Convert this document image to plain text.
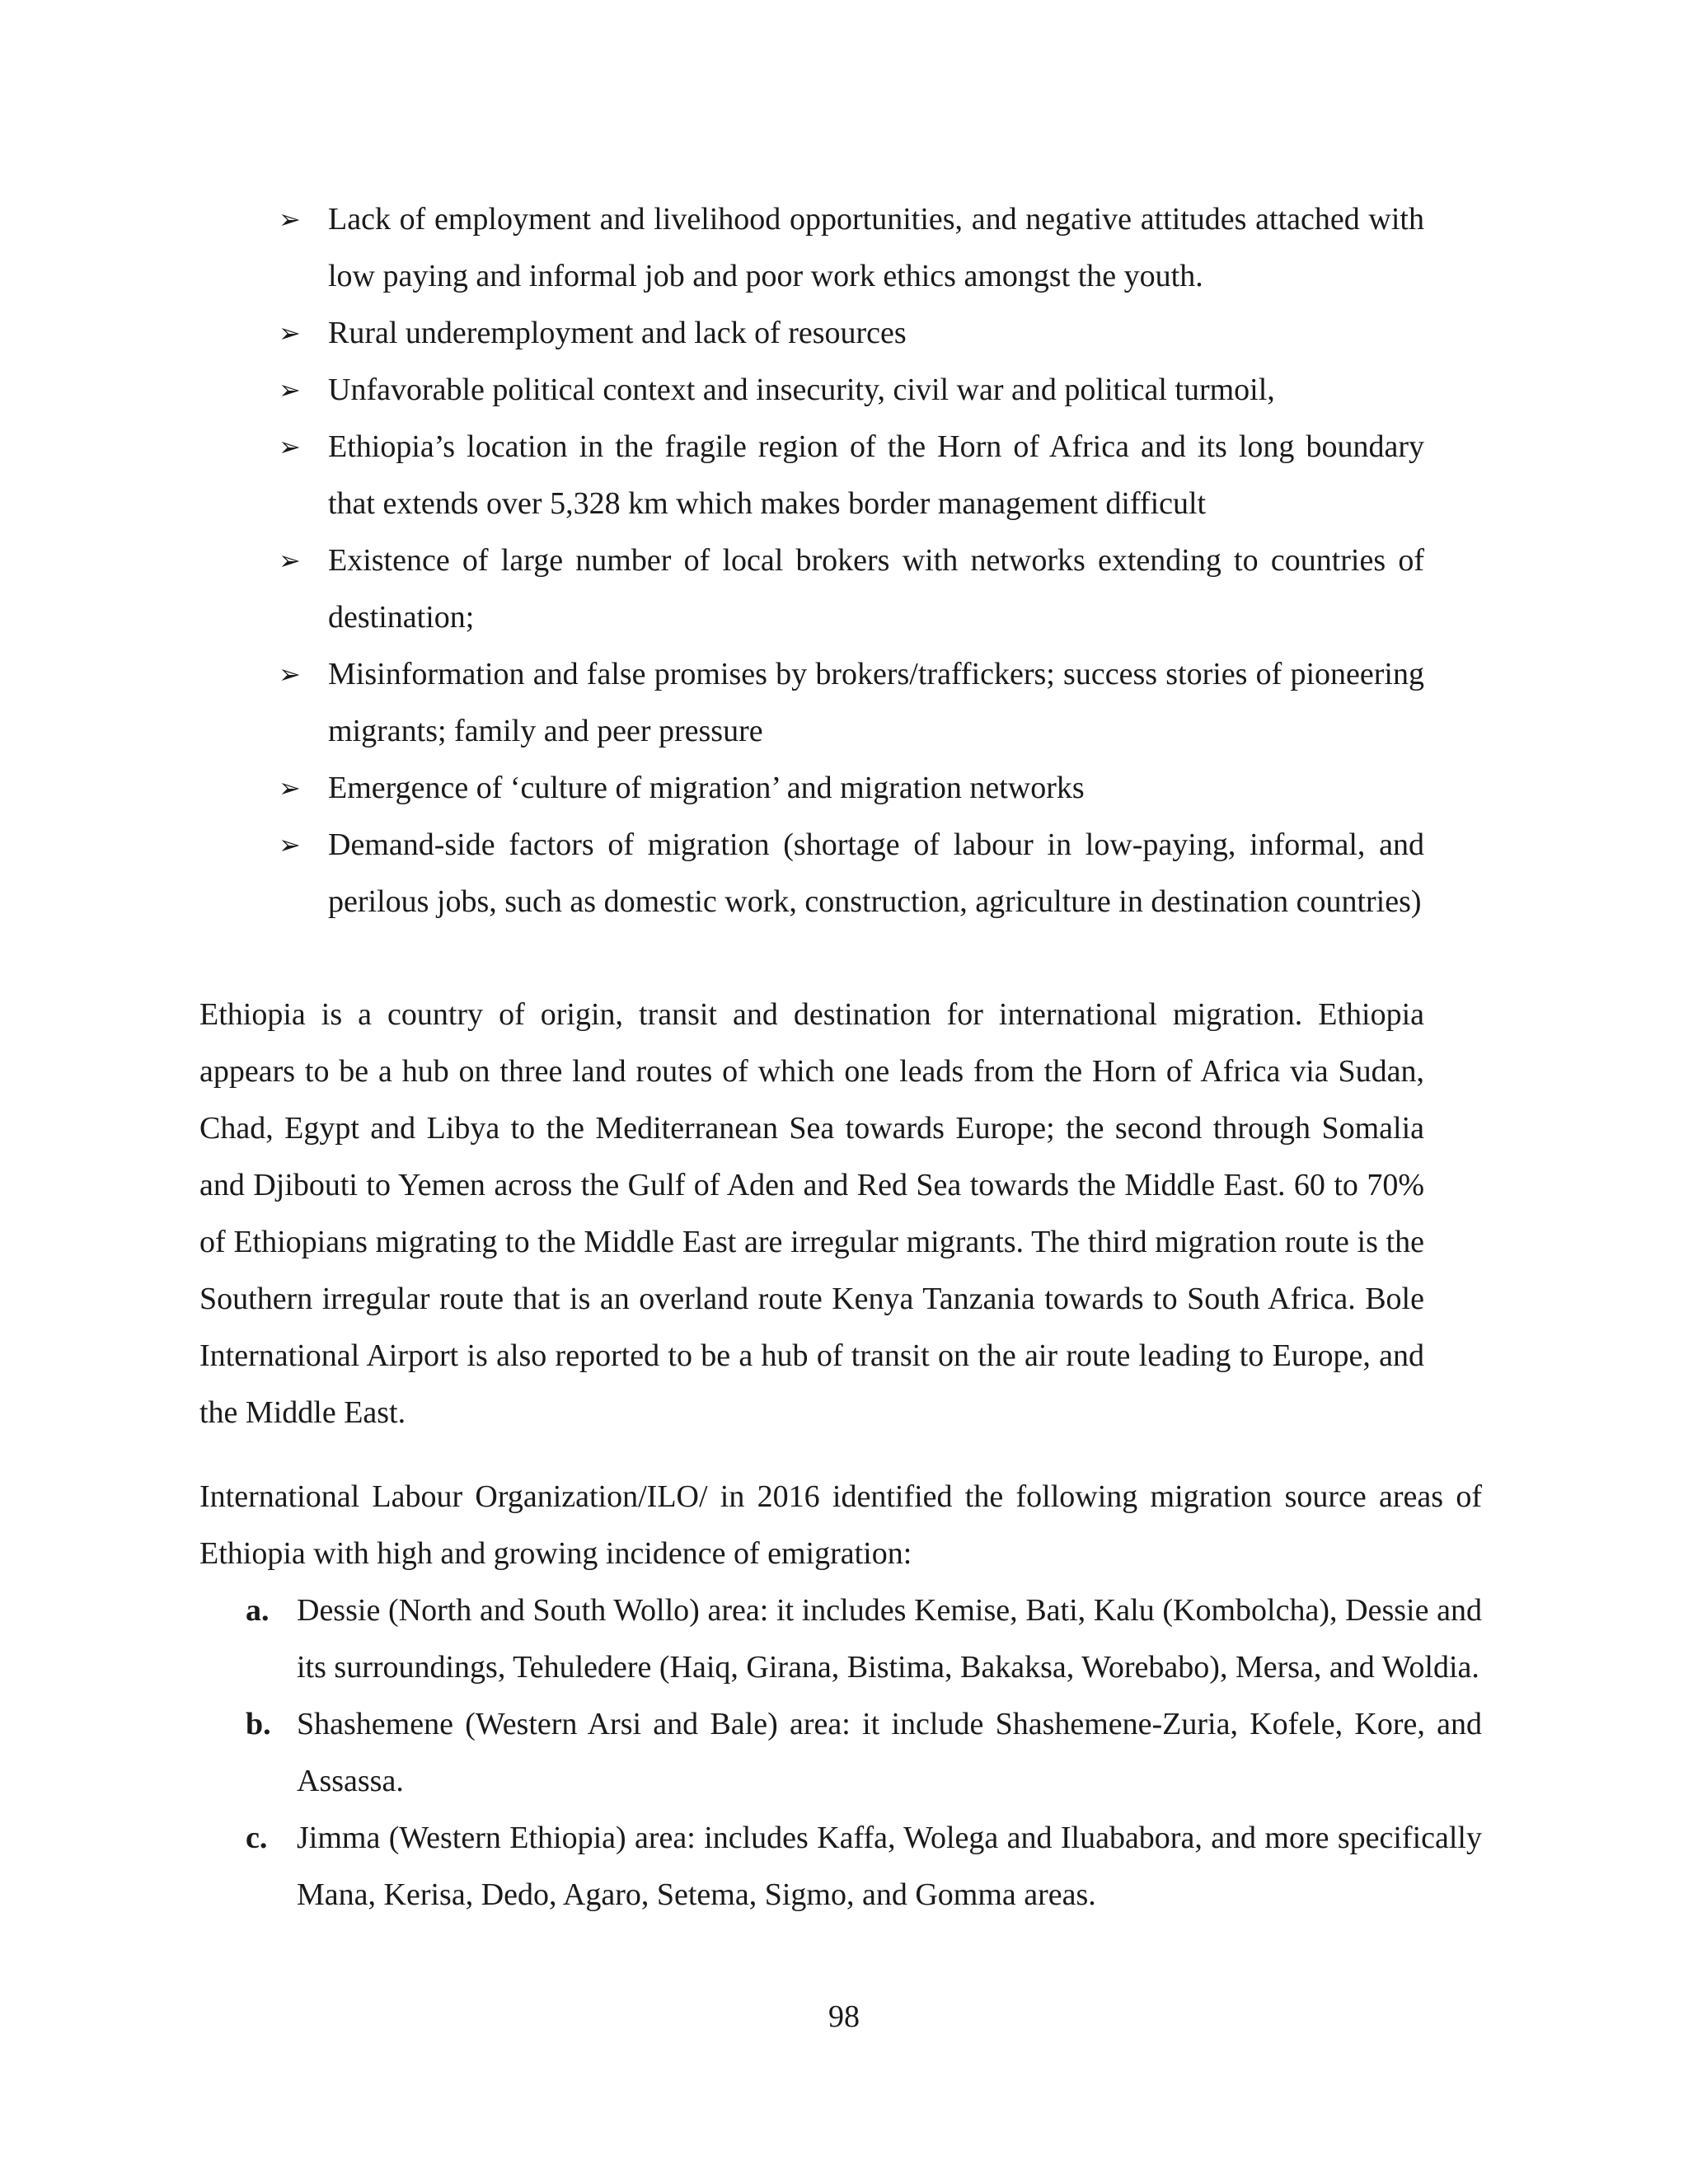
➢ Lack of employment and livelihood opportunities, and negative attitudes attached with low paying and informal job and poor work ethics amongst the youth.
➢ Rural underemployment and lack of resources
➢ Unfavorable political context and insecurity, civil war and political turmoil,
➢ Ethiopia’s location in the fragile region of the Horn of Africa and its long boundary that extends over 5,328 km which makes border management difficult
➢ Existence of large number of local brokers with networks extending to countries of destination;
➢ Misinformation and false promises by brokers/traffickers; success stories of pioneering migrants; family and peer pressure
➢ Emergence of ‘culture of migration’ and migration networks
➢ Demand-side factors of migration (shortage of labour in low-paying, informal, and perilous jobs, such as domestic work, construction, agriculture in destination countries)

Ethiopia is a country of origin, transit and destination for international migration. Ethiopia appears to be a hub on three land routes of which one leads from the Horn of Africa via Sudan, Chad, Egypt and Libya to the Mediterranean Sea towards Europe; the second through Somalia and Djibouti to Yemen across the Gulf of Aden and Red Sea towards the Middle East. 60 to 70% of Ethiopians migrating to the Middle East are irregular migrants. The third migration route is the Southern irregular route that is an overland route Kenya Tanzania towards to South Africa. Bole International Airport is also reported to be a hub of transit on the air route leading to Europe, and the Middle East.

International Labour Organization/ILO/ in 2016 identified the following migration source areas of Ethiopia with high and growing incidence of emigration:

a. Dessie (North and South Wollo) area: it includes Kemise, Bati, Kalu (Kombolcha), Dessie and its surroundings, Tehuledere (Haiq, Girana, Bistima, Bakaksa, Worebabo), Mersa, and Woldia.
b. Shashemene (Western Arsi and Bale) area: it include Shashemene-Zuria, Kofele, Kore, and Assassa.
c. Jimma (Western Ethiopia) area: includes Kaffa, Wolega and Iluababora, and more specifically Mana, Kerisa, Dedo, Agaro, Setema, Sigmo, and Gomma areas.
98
